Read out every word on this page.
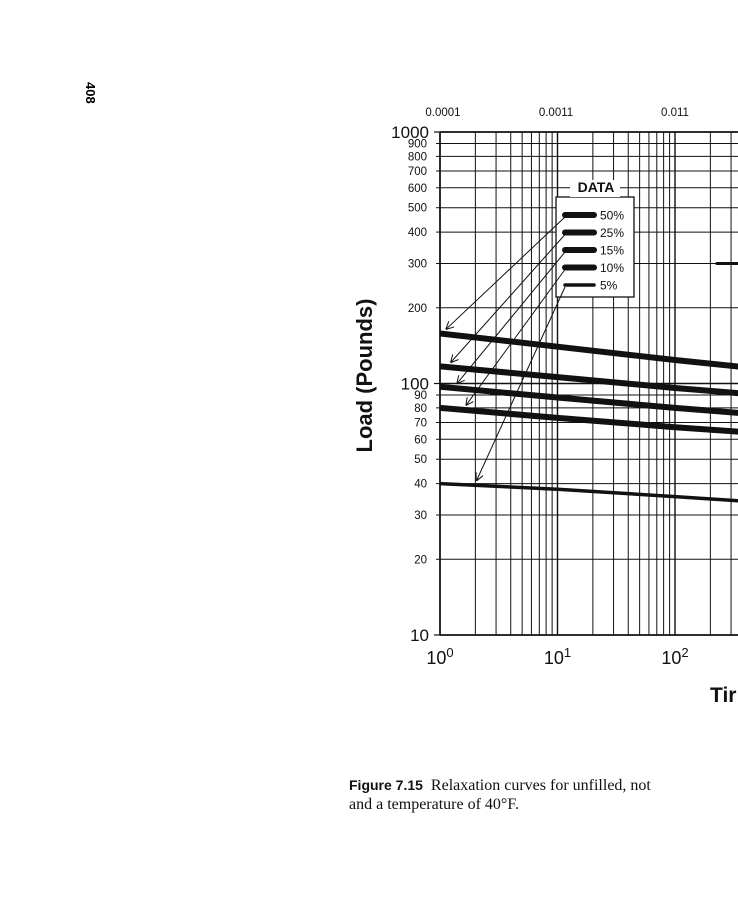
408
DATA
50%
25%
15%
10%
5%
1000
100
10
900
800
700
600
500
400
300
200
90
80
70
60
50
40
30
20
Load (Pounds)
$10^0$	$10^1$	$10^2$
Tir
0.0001	0.0011	0.011
Figure 7.15 Relaxation curves for unfilled, not
and a temperature of 40°F.
